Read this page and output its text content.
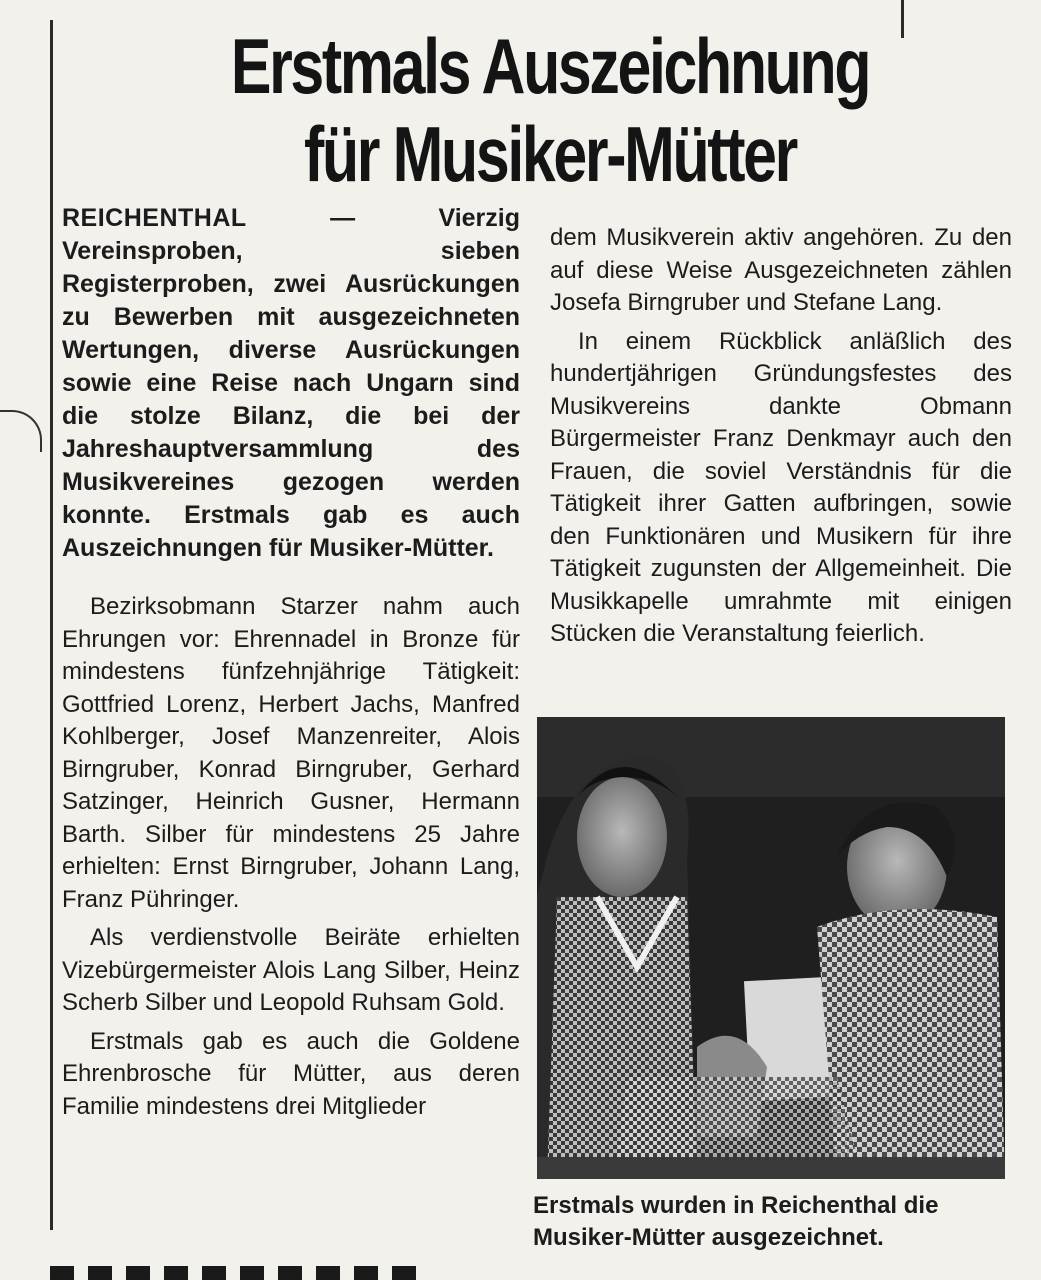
Erstmals Auszeichnung
für Musiker-Mütter

REICHENTHAL — Vierzig Vereinsproben, sieben Registerproben, zwei Ausrückungen zu Bewerben mit ausgezeichneten Wertungen, diverse Ausrückungen sowie eine Reise nach Ungarn sind die stolze Bilanz, die bei der Jahreshauptversammlung des Musikvereines gezogen werden konnte. Erstmals gab es auch Auszeichnungen für Musiker-Mütter.

Bezirksobmann Starzer nahm auch Ehrungen vor: Ehrennadel in Bronze für mindestens fünfzehnjährige Tätigkeit: Gottfried Lorenz, Herbert Jachs, Manfred Kohlberger, Josef Manzenreiter, Alois Birngruber, Konrad Birngruber, Gerhard Satzinger, Heinrich Gusner, Hermann Barth. Silber für mindestens 25 Jahre erhielten: Ernst Birngruber, Johann Lang, Franz Pühringer.

Als verdienstvolle Beiräte erhielten Vizebürgermeister Alois Lang Silber, Heinz Scherb Silber und Leopold Ruhsam Gold.

Erstmals gab es auch die Goldene Ehrenbrosche für Mütter, aus deren Familie mindestens drei Mitglieder

dem Musikverein aktiv angehören. Zu den auf diese Weise Ausgezeichneten zählen Josefa Birngruber und Stefane Lang.

In einem Rückblick anläßlich des hundertjährigen Gründungsfestes des Musikvereins dankte Obmann Bürgermeister Franz Denkmayr auch den Frauen, die soviel Verständnis für die Tätigkeit ihrer Gatten aufbringen, sowie den Funktionären und Musikern für ihre Tätigkeit zugunsten der Allgemeinheit. Die Musikkapelle umrahmte mit einigen Stücken die Veranstaltung feierlich.

Erstmals wurden in Reichenthal die Musiker-Mütter ausgezeichnet.
